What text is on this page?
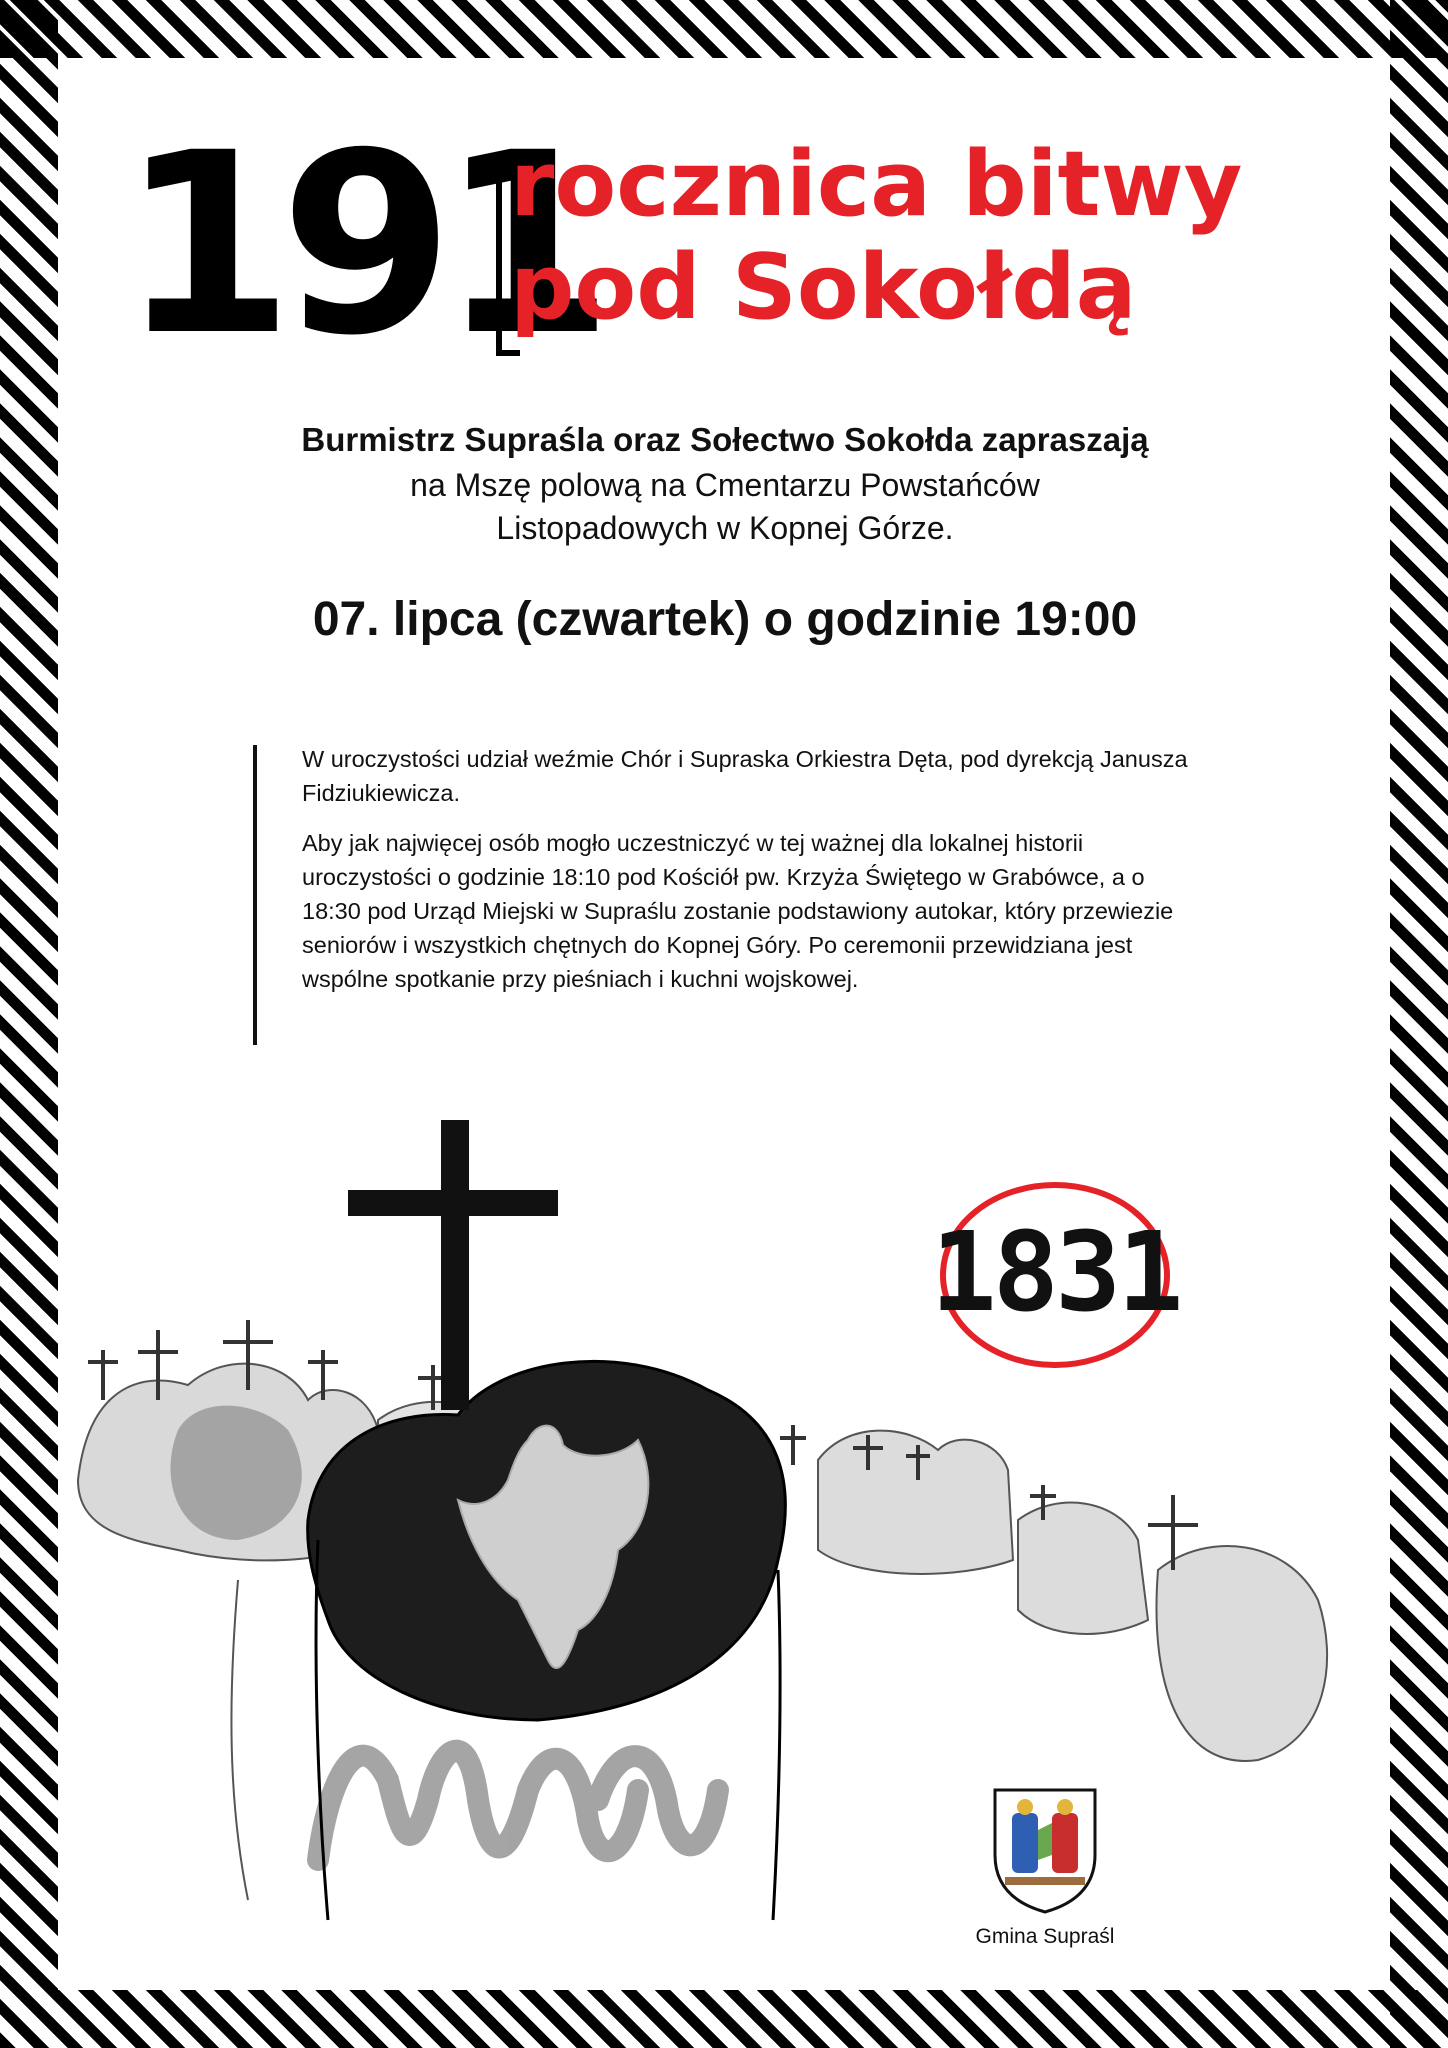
191
rocznica bitwy
pod Sokołdą

Burmistrz Supraśla oraz Sołectwo Sokołda zapraszają

na Mszę polową na Cmentarzu Powstańców
Listopadowych w Kopnej Górze.

07. lipca (czwartek) o godzinie 19:00

W uroczystości udział weźmie Chór i Supraska Orkiestra Dęta, pod dyrekcją Janusza Fidziukiewicza.

Aby jak najwięcej osób mogło uczestniczyć w tej ważnej dla lokalnej historii uroczystości o godzinie 18:10 pod Kościół pw. Krzyża Świętego w Grabówce, a o 18:30 pod Urząd Miejski w Supraślu zostanie podstawiony autokar, który przewiezie seniorów i wszystkich chętnych do Kopnej Góry. Po ceremonii przewidziana jest wspólne spotkanie przy pieśniach i kuchni wojskowej.

1831

Gmina Supraśl
